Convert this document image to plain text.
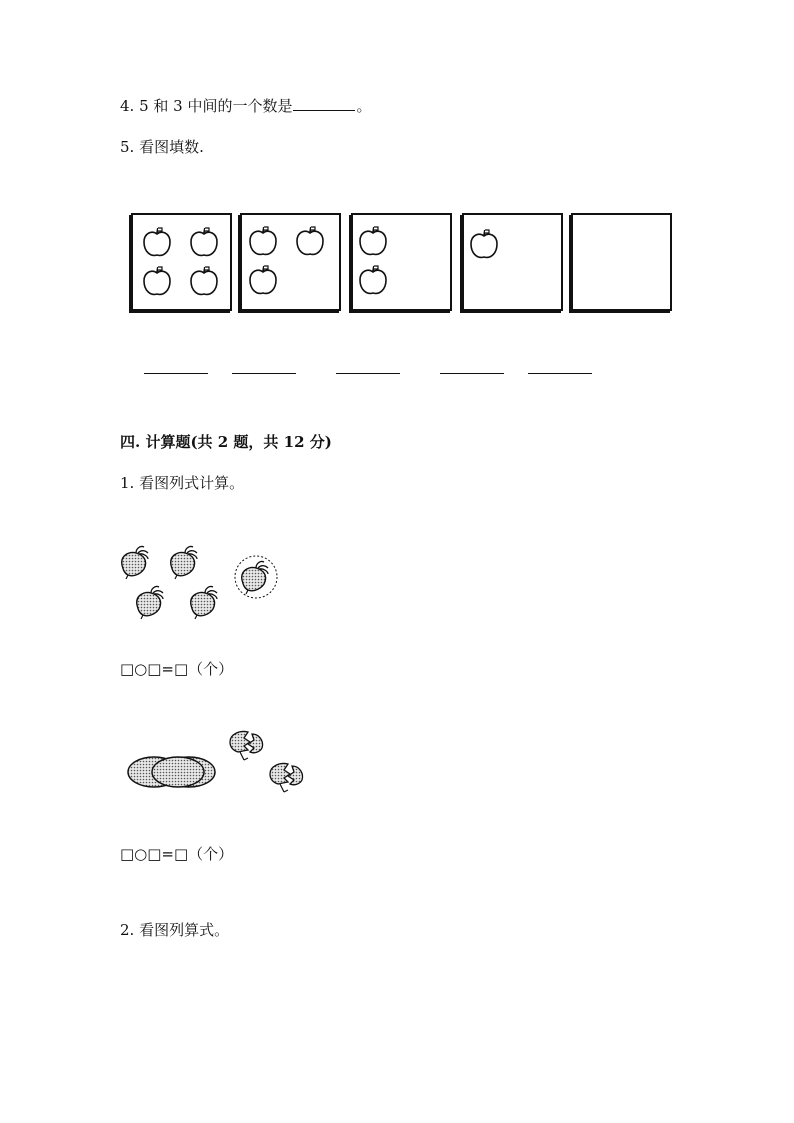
4. 5 和 3 中间的一个数是	。
5. 看图填数.
四. 计算题(共 2 题，共 12 分)
1. 看图列式计算。
□○□=□（个）
□○□=□（个）
2. 看图列算式。
